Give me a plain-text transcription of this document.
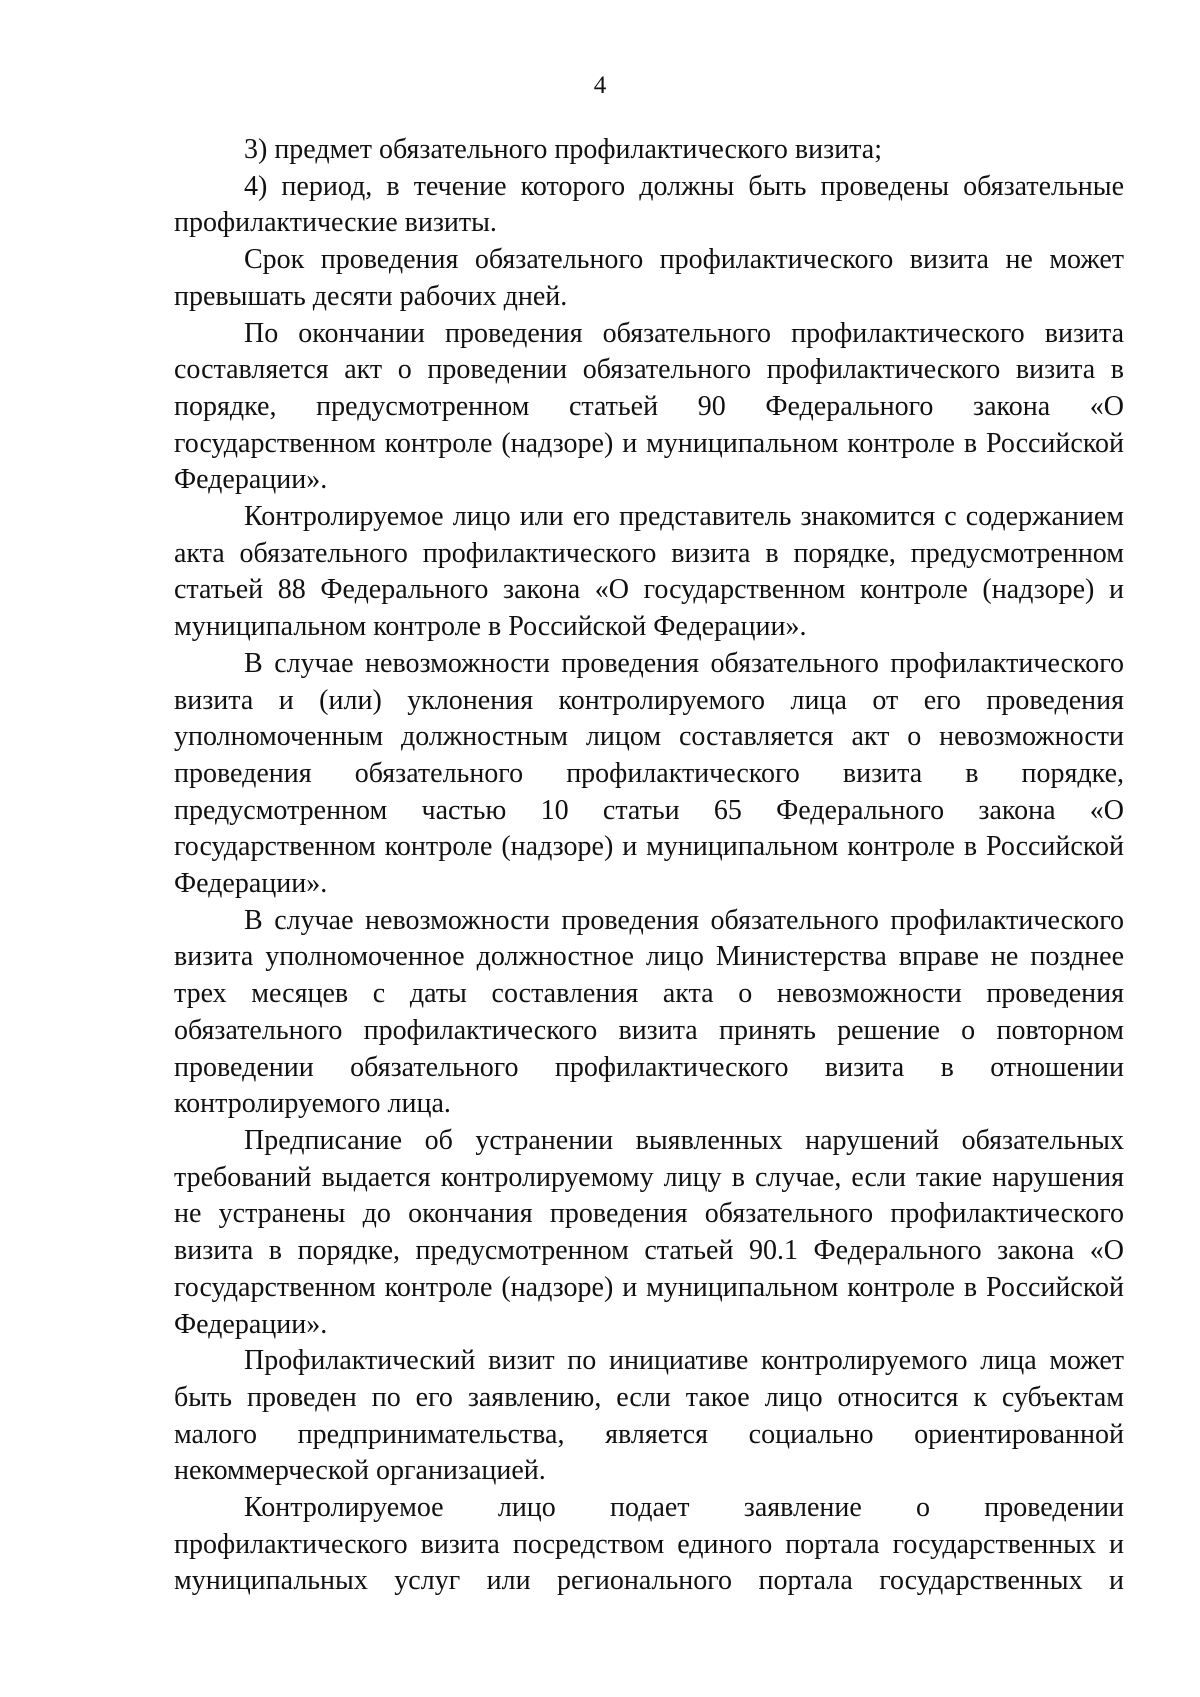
4

3) предмет обязательного профилактического визита;

4) период, в течение которого должны быть проведены обязательные профилактические визиты.

Срок проведения обязательного профилактического визита не может превышать десяти рабочих дней.

По окончании проведения обязательного профилактического визита составляется акт о проведении обязательного профилактического визита в порядке, предусмотренном статьей 90 Федерального закона «О государственном контроле (надзоре) и муниципальном контроле в Российской Федерации».

Контролируемое лицо или его представитель знакомится с содержанием акта обязательного профилактического визита в порядке, предусмотренном статьей 88 Федерального закона «О государственном контроле (надзоре) и муниципальном контроле в Российской Федерации».

В случае невозможности проведения обязательного профилактического визита и (или) уклонения контролируемого лица от его проведения уполномоченным должностным лицом составляется акт о невозможности проведения обязательного профилактического визита в порядке, предусмотренном частью 10 статьи 65 Федерального закона «О государственном контроле (надзоре) и муниципальном контроле в Российской Федерации».

В случае невозможности проведения обязательного профилактического визита уполномоченное должностное лицо Министерства вправе не позднее трех месяцев с даты составления акта о невозможности проведения обязательного профилактического визита принять решение о повторном проведении обязательного профилактического визита в отношении контролируемого лица.

Предписание об устранении выявленных нарушений обязательных требований выдается контролируемому лицу в случае, если такие нарушения не устранены до окончания проведения обязательного профилактического визита в порядке, предусмотренном статьей 90.1 Федерального закона «О государственном контроле (надзоре) и муниципальном контроле в Российской Федерации».

Профилактический визит по инициативе контролируемого лица может быть проведен по его заявлению, если такое лицо относится к субъектам малого предпринимательства, является социально ориентированной некоммерческой организацией.

Контролируемое лицо подает заявление о проведении профилактического визита посредством единого портала государственных и муниципальных услуг или регионального портала государственных и
